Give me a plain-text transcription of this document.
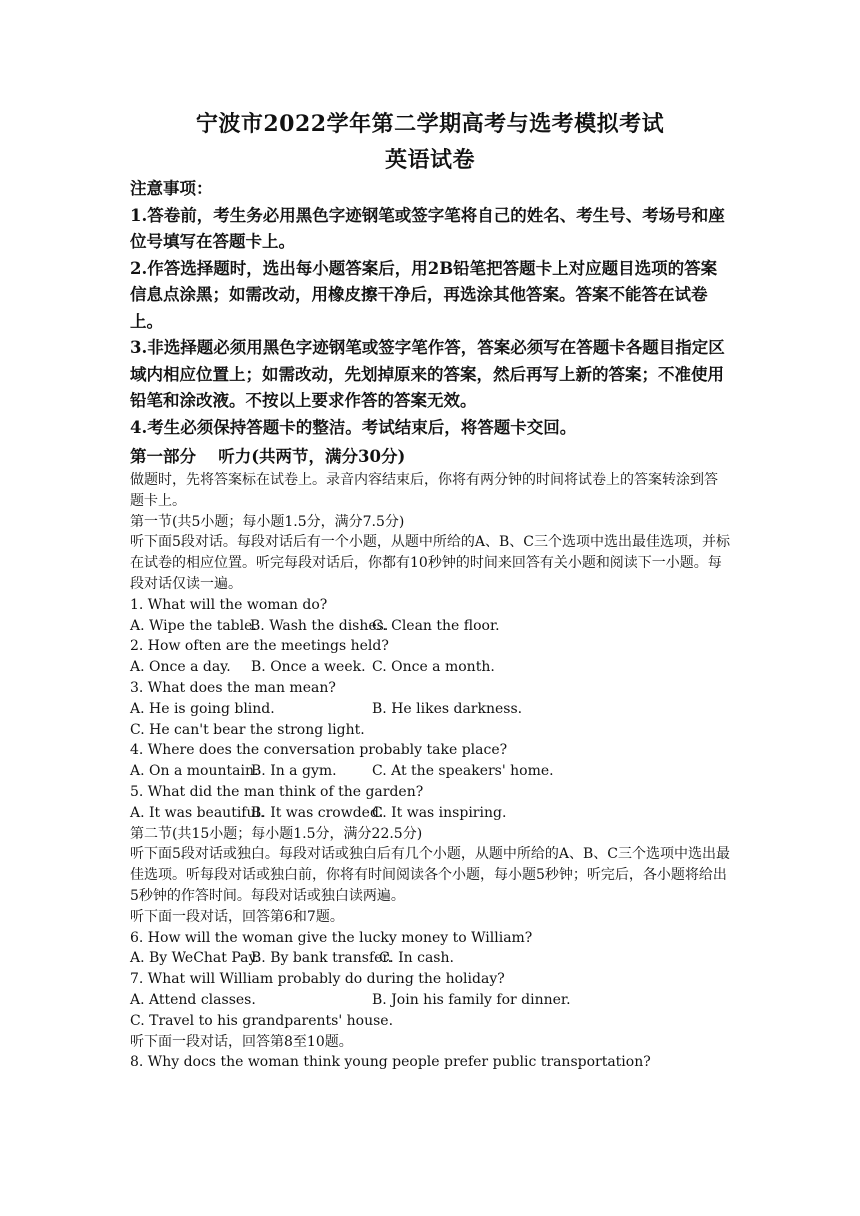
宁波市2022学年第二学期高考与选考模拟考试
英语试卷
注意事项：
1.答卷前，考生务必用黑色字迹钢笔或签字笔将自己的姓名、考生号、考场号和座位号填写在答题卡上。
2.作答选择题时，选出每小题答案后，用2B铅笔把答题卡上对应题目选项的答案信息点涂黑；如需改动，用橡皮擦干净后，再选涂其他答案。答案不能答在试卷上。
3.非选择题必须用黑色字迹钢笔或签字笔作答，答案必须写在答题卡各题目指定区域内相应位置上；如需改动，先划掉原来的答案，然后再写上新的答案；不准使用铅笔和涂改液。不按以上要求作答的答案无效。
4.考生必须保持答题卡的整洁。考试结束后，将答题卡交回。
第一部分　 听力(共两节，满分30分)
做题时，先将答案标在试卷上。录音内容结束后，你将有两分钟的时间将试卷上的答案转涂到答题卡上。
第一节(共5小题；每小题1.5分，满分7.5分)
听下面5段对话。每段对话后有一个小题，从题中所给的A、B、C三个选项中选出最佳选项，并标在试卷的相应位置。听完每段对话后，你都有10秒钟的时间来回答有关小题和阅读下一小题。每段对话仅读一遍。
1. What will the woman do?
A. Wipe the table.B. Wash the dishes.C. Clean the floor.
2. How often are the meetings held?
A. Once a day. B. Once a week. C. Once a month.
3. What does the man mean?
A. He is going blind.	B. He likes darkness.
C. He can't bear the strong light.
4. Where does the conversation probably take place?
A. On a mountain.B. In a gym.	C. At the speakers' home.
5. What did the man think of the garden?
A. It was beautiful.B. It was crowded.C. It was inspiring.
第二节(共15小题；每小题1.5分，满分22.5分)
听下面5段对话或独白。每段对话或独白后有几个小题，从题中所给的A、B、C三个选项中选出最佳选项。听每段对话或独白前，你将有时间阅读各个小题，每小题5秒钟；听完后，各小题将给出5秒钟的作答时间。每段对话或独白读两遍。
听下面一段对话，回答第6和7题。
6. How will the woman give the lucky money to William?
A. By WeChat Pay.B. By bank transfer.C. In cash.
7. What will William probably do during the holiday?
A. Attend classes.	B. Join his family for dinner.
C. Travel to his grandparents' house.
听下面一段对话，回答第8至10题。
8. Why docs the woman think young people prefer public transportation?
